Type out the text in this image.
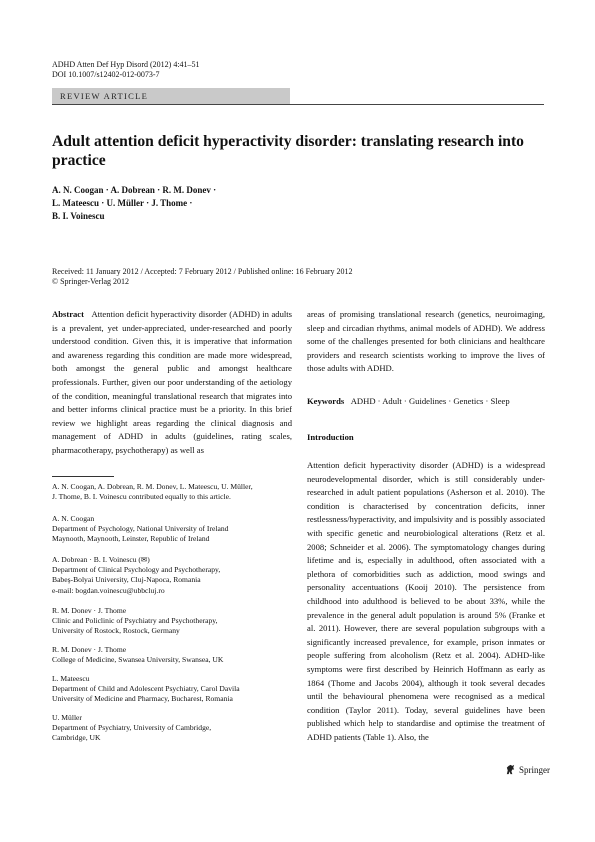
ADHD Atten Def Hyp Disord (2012) 4:41–51
DOI 10.1007/s12402-012-0073-7
REVIEW ARTICLE
Adult attention deficit hyperactivity disorder: translating research into practice
A. N. Coogan · A. Dobrean · R. M. Donev ·
L. Mateescu · U. Müller · J. Thome ·
B. I. Voinescu
Received: 11 January 2012 / Accepted: 7 February 2012 / Published online: 16 February 2012
© Springer-Verlag 2012

Abstract Attention deficit hyperactivity disorder (ADHD) in adults is a prevalent, yet under-appreciated, under-researched and poorly understood condition. Given this, it is imperative that information and awareness regarding this condition are made more widespread, both amongst the general public and amongst healthcare professionals. Further, given our poor understanding of the aetiology of the condition, meaningful translational research that migrates into and better informs clinical practice must be a priority. In this brief review we highlight areas regarding the clinical diagnosis and management of ADHD in adults (guidelines, rating scales, pharmacotherapy, psychotherapy) as well as

areas of promising translational research (genetics, neuroimaging, sleep and circadian rhythms, animal models of ADHD). We address some of the challenges presented for both clinicians and healthcare providers and research scientists working to improve the lives of those adults with ADHD.

Keywords ADHD · Adult · Guidelines · Genetics · Sleep
Introduction

Attention deficit hyperactivity disorder (ADHD) is a widespread neurodevelopmental disorder, which is still considerably under-researched in adult patient populations (Asherson et al. 2010). The condition is characterised by concentration deficits, inner restlessness/hyperactivity, and impulsivity and is possibly associated with specific genetic and neurobiological alterations (Retz et al. 2008; Schneider et al. 2006). The symptomatology changes during lifetime and is, especially in adulthood, often associated with a plethora of comorbidities such as addiction, mood swings and personality accentuations (Kooij 2010). The persistence from childhood into adulthood is believed to be about 33%, while the prevalence in the general adult population is around 5% (Franke et al. 2011). However, there are several population subgroups with a significantly increased prevalence, for example, prison inmates or people suffering from alcoholism (Retz et al. 2004). ADHD-like symptoms were first described by Heinrich Hoffmann as early as 1864 (Thome and Jacobs 2004), although it took several decades until the behavioural phenomena were recognised as a medical condition (Taylor 2011). Today, several guidelines have been published which help to standardise and optimise the treatment of ADHD patients (Table 1). Also, the

A. N. Coogan, A. Dobrean, R. M. Donev, L. Mateescu, U. Müller,
J. Thome, B. I. Voinescu contributed equally to this article.
A. N. Coogan
Department of Psychology, National University of Ireland
Maynooth, Maynooth, Leinster, Republic of Ireland
A. Dobrean · B. I. Voinescu (✉)
Department of Clinical Psychology and Psychotherapy,
Babeş-Bolyai University, Cluj-Napoca, Romania
e-mail: bogdan.voinescu@ubbcluj.ro
R. M. Donev · J. Thome
Clinic and Policlinic of Psychiatry and Psychotherapy,
University of Rostock, Rostock, Germany
R. M. Donev · J. Thome
College of Medicine, Swansea University, Swansea, UK
L. Mateescu
Department of Child and Adolescent Psychiatry, Carol Davila
University of Medicine and Pharmacy, Bucharest, Romania
U. Müller
Department of Psychiatry, University of Cambridge,
Cambridge, UK
Springer
